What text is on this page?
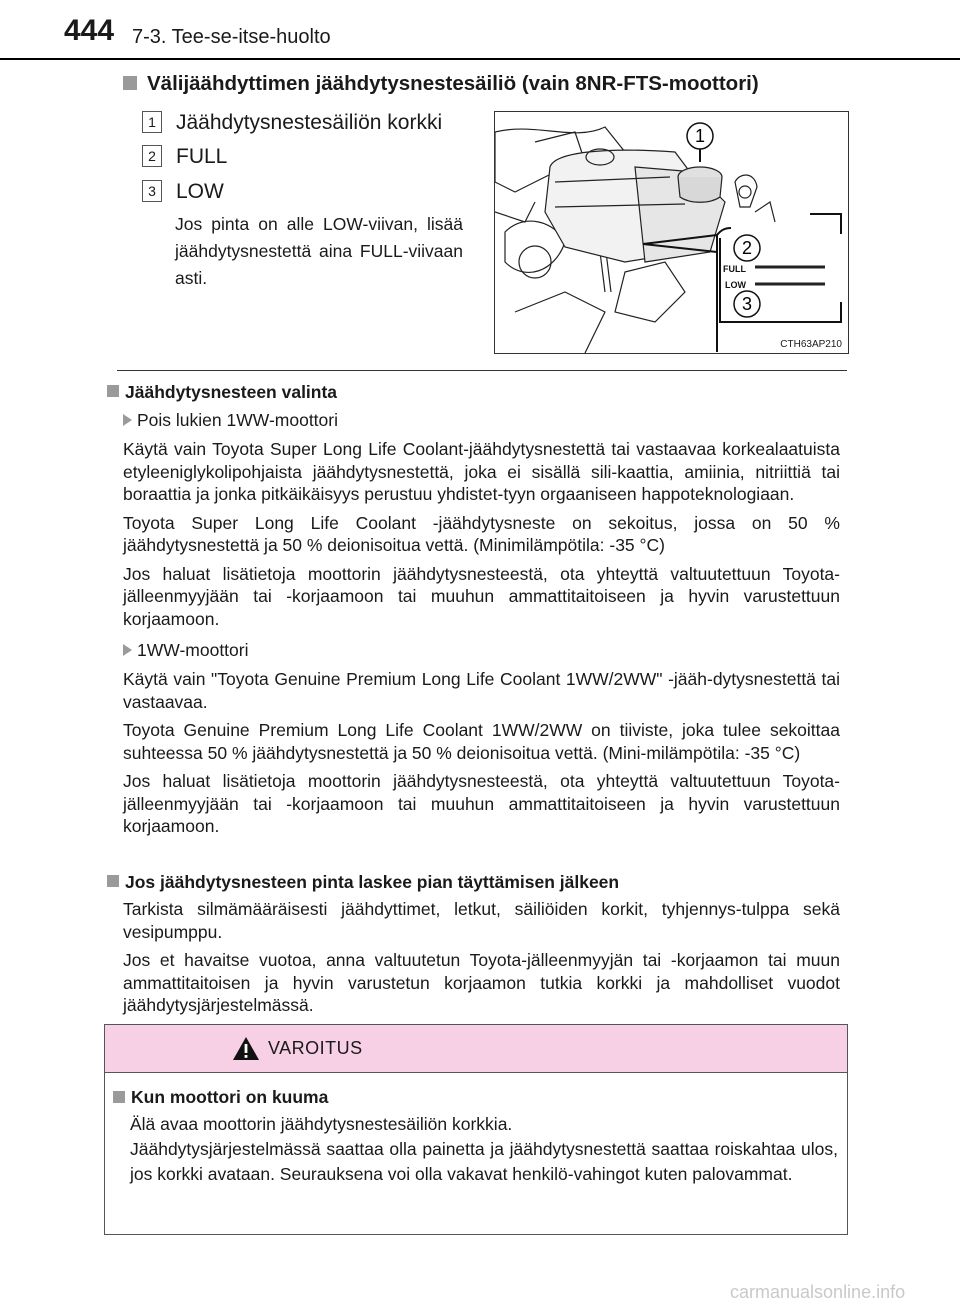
444 7-3. Tee-se-itse-huolto
Välijäähdyttimen jäähdytysnestesäiliö (vain 8NR-FTS-moottori)
1 Jäähdytysnestesäiliön korkki
2 FULL
3 LOW
Jos pinta on alle LOW-viivan, lisää jäähdytysnestettä aina FULL-viivaan asti.	FULL
LOW
1
2
3
CTH63AP210
Jäähdytysnesteen valinta
Pois lukien 1WW-moottori
Käytä vain Toyota Super Long Life Coolant-jäähdytysnestettä tai vastaavaa korkealaatuista etyleeniglykolipohjaista jäähdytysnestettä, joka ei sisällä sili-kaattia, amiinia, nitriittiä tai boraattia ja jonka pitkäikäisyys perustuu yhdistet-tyyn orgaaniseen happoteknologiaan.
Toyota Super Long Life Coolant -jäähdytysneste on sekoitus, jossa on 50 % jäähdytysnestettä ja 50 % deionisoitua vettä. (Minimilämpötila: -35 °C)
Jos haluat lisätietoja moottorin jäähdytysnesteestä, ota yhteyttä valtuutettuun Toyota-jälleenmyyjään tai -korjaamoon tai muuhun ammattitaitoiseen ja hyvin varustettuun korjaamoon.
1WW-moottori
Käytä vain "Toyota Genuine Premium Long Life Coolant 1WW/2WW" -jääh-dytysnestettä tai vastaavaa.
Toyota Genuine Premium Long Life Coolant 1WW/2WW on tiiviste, joka tulee sekoittaa suhteessa 50 % jäähdytysnestettä ja 50 % deionisoitua vettä. (Mini-milämpötila: -35 °C)
Jos haluat lisätietoja moottorin jäähdytysnesteestä, ota yhteyttä valtuutettuun Toyota-jälleenmyyjään tai -korjaamoon tai muuhun ammattitaitoiseen ja hyvin varustettuun korjaamoon.
Jos jäähdytysnesteen pinta laskee pian täyttämisen jälkeen
Tarkista silmämääräisesti jäähdyttimet, letkut, säiliöiden korkit, tyhjennys-tulppa sekä vesipumppu.
Jos et havaitse vuotoa, anna valtuutetun Toyota-jälleenmyyjän tai -korjaamon tai muun ammattitaitoisen ja hyvin varustetun korjaamon tutkia korkki ja mahdolliset vuodot jäähdytysjärjestelmässä.
VAROITUS
Kun moottori on kuuma
Älä avaa moottorin jäähdytysnestesäiliön korkkia.
Jäähdytysjärjestelmässä saattaa olla painetta ja jäähdytysnestettä saattaa roiskahtaa ulos, jos korkki avataan. Seurauksena voi olla vakavat henkilö-vahingot kuten palovammat.
carmanualsonline.info
